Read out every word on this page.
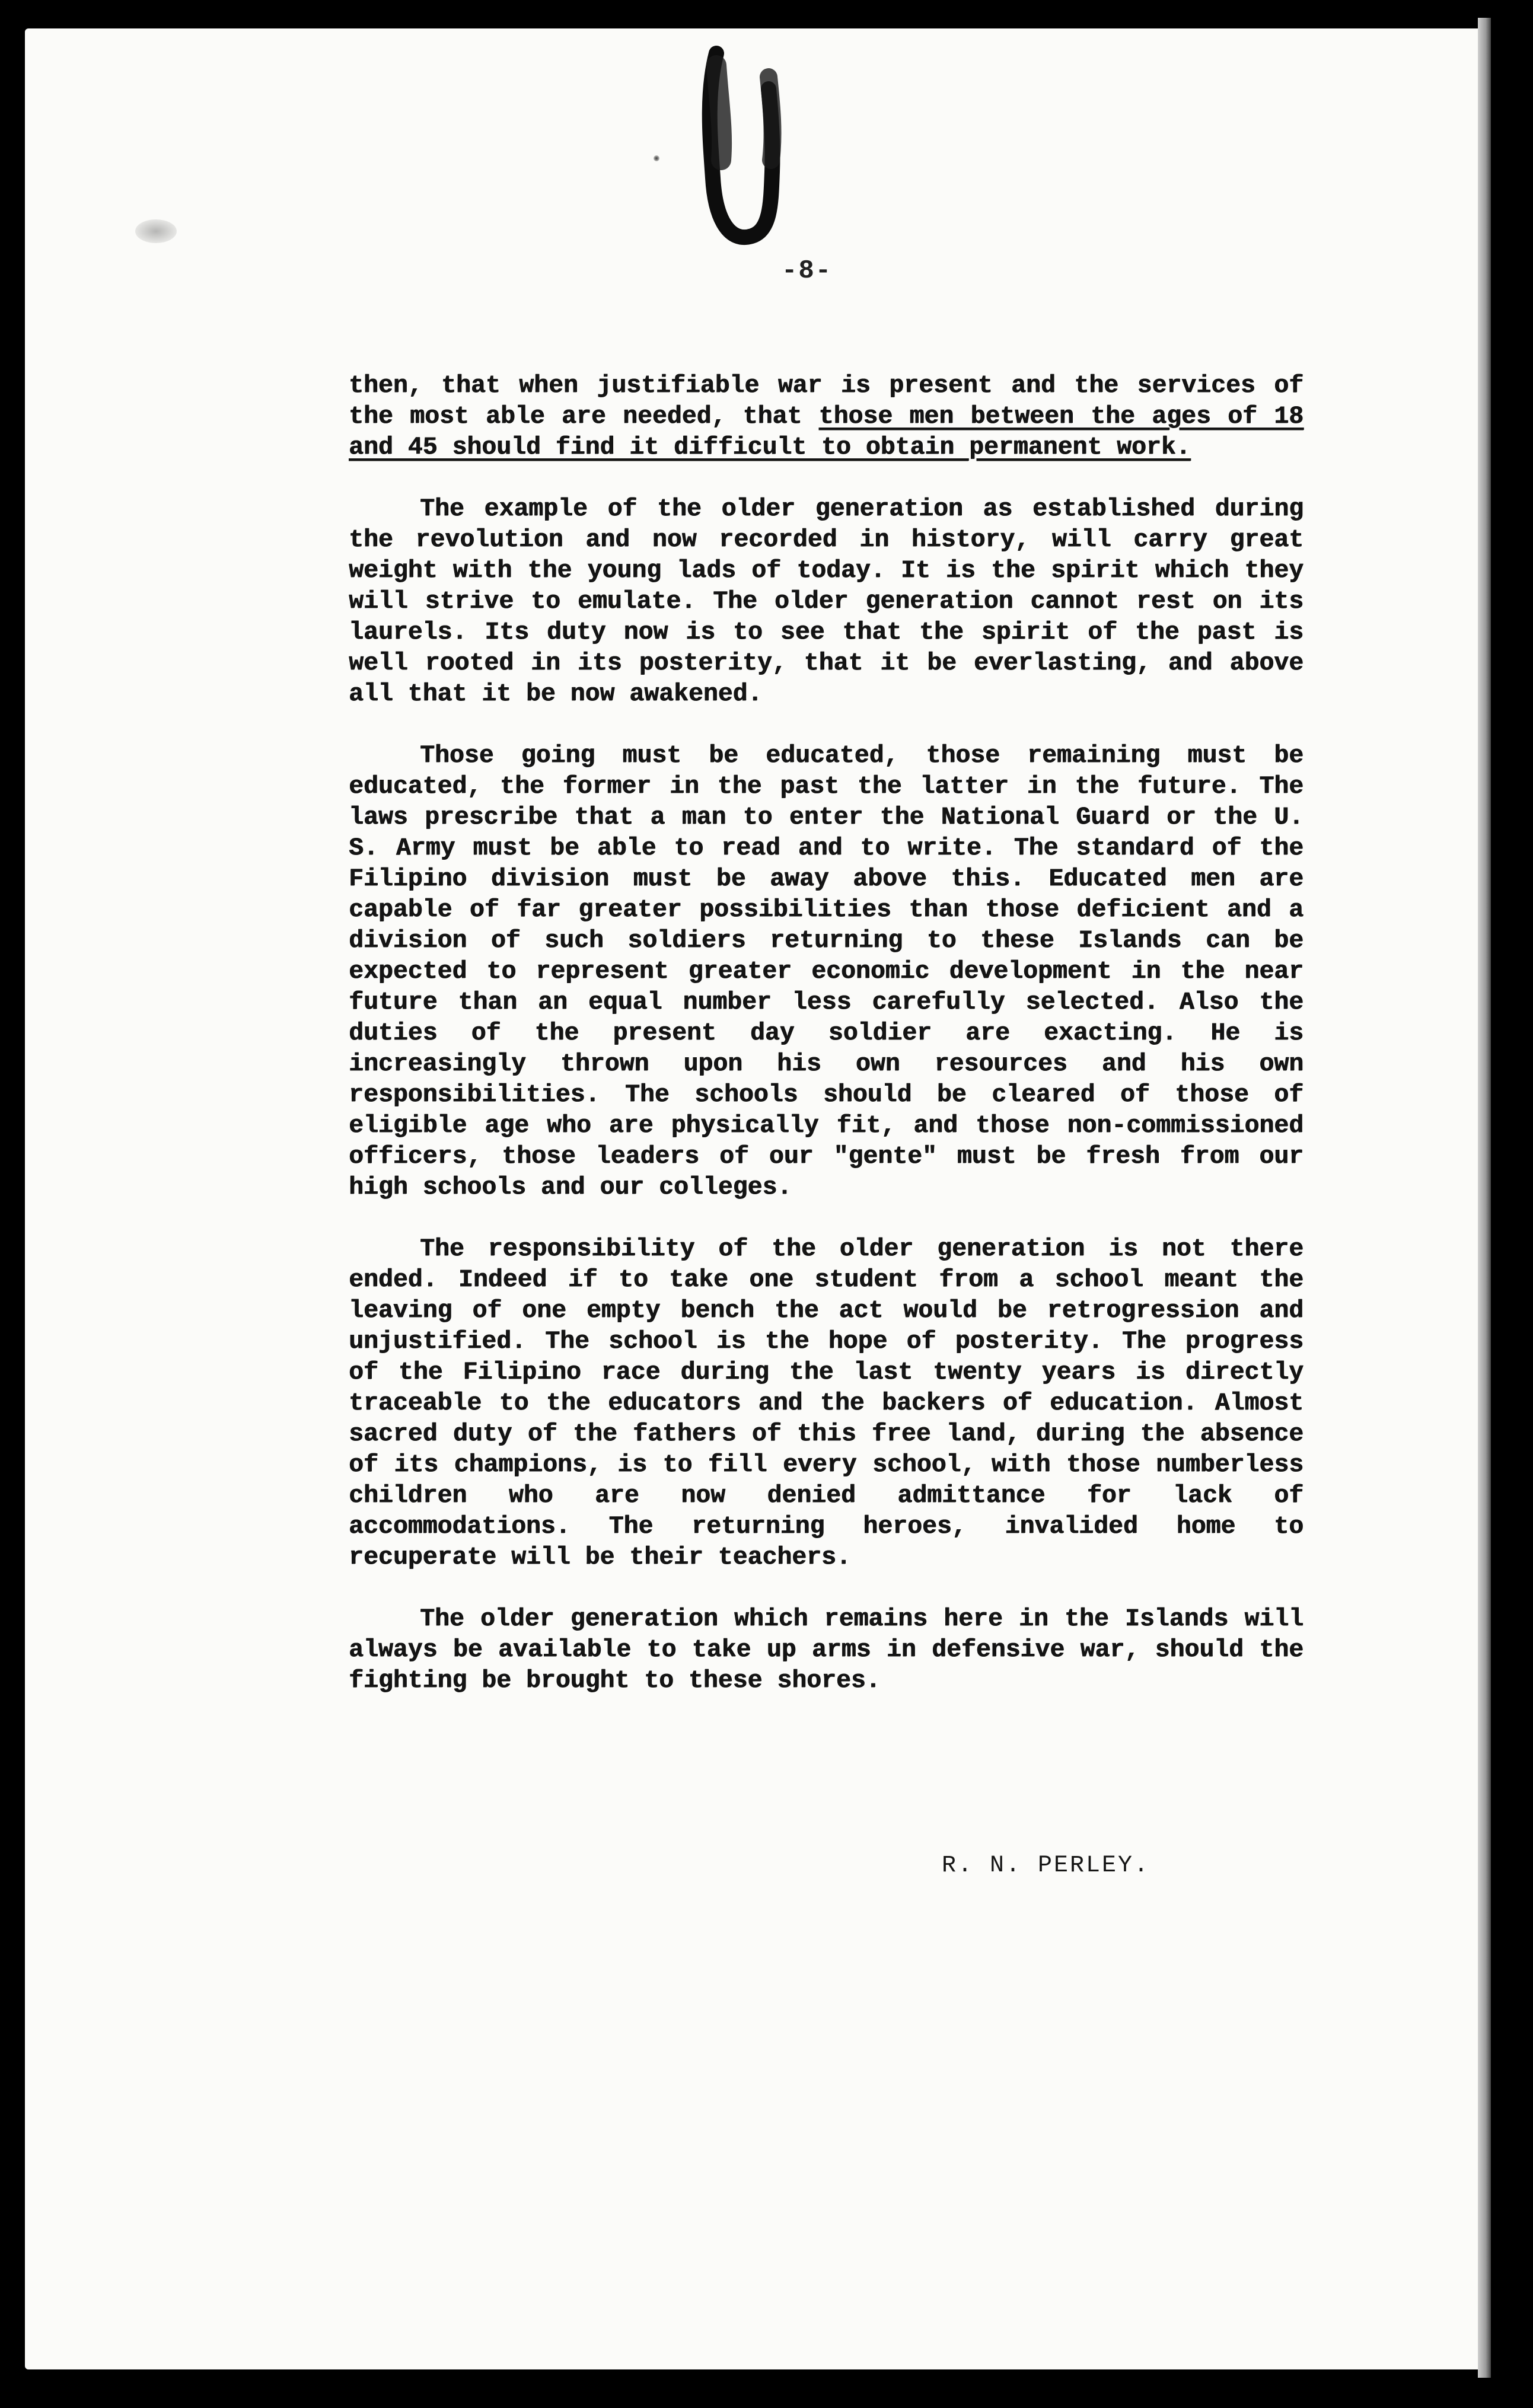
-8-

then, that when justifiable war is present and the services of the most able are needed, that those men between the ages of 18 and 45 should find it difficult to obtain permanent work.

The example of the older generation as established during the revolution and now recorded in history, will carry great weight with the young lads of today. It is the spirit which they will strive to emulate. The older generation cannot rest on its laurels. Its duty now is to see that the spirit of the past is well rooted in its posterity, that it be everlasting, and above all that it be now awakened.

Those going must be educated, those remaining must be educated, the former in the past the latter in the future. The laws prescribe that a man to enter the National Guard or the U. S. Army must be able to read and to write. The standard of the Filipino division must be away above this. Educated men are capable of far greater possibilities than those deficient and a division of such soldiers returning to these Islands can be expected to represent greater economic development in the near future than an equal number less carefully selected. Also the duties of the present day soldier are exacting. He is increasingly thrown upon his own resources and his own responsibilities. The schools should be cleared of those of eligible age who are physically fit, and those non-commissioned officers, those leaders of our "gente" must be fresh from our high schools and our colleges.

The responsibility of the older generation is not there ended. Indeed if to take one student from a school meant the leaving of one empty bench the act would be retrogression and unjustified. The school is the hope of posterity. The progress of the Filipino race during the last twenty years is directly traceable to the educators and the backers of education. Almost sacred duty of the fathers of this free land, during the absence of its champions, is to fill every school, with those numberless children who are now denied admittance for lack of accommodations. The returning heroes, invalided home to recuperate will be their teachers.

The older generation which remains here in the Islands will always be available to take up arms in defensive war, should the fighting be brought to these shores.

R. N. PERLEY.
